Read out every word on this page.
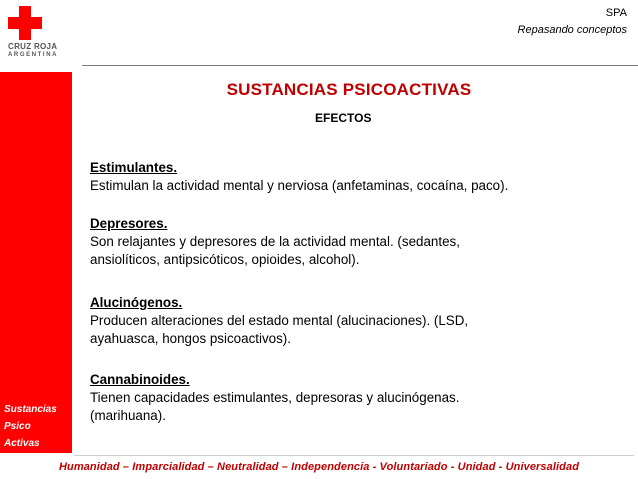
CRUZ ROJA
ARGENTINA
SPA
Repasando conceptos
Sustancias
Psico
Activas
SUSTANCIAS PSICOACTIVAS
EFECTOS
Estimulantes.
Estimulan la actividad mental y nerviosa (anfetaminas, cocaína, paco).
Depresores.
Son relajantes y depresores de la actividad mental. (sedantes,
ansiolíticos, antipsicóticos, opioides, alcohol).
Alucinógenos.
Producen alteraciones del estado mental (alucinaciones). (LSD,
ayahuasca, hongos psicoactivos).
Cannabinoides.
Tienen capacidades estimulantes, depresoras y alucinógenas.
(marihuana).
Humanidad – Imparcialidad – Neutralidad – Independencia - Voluntariado - Unidad - Universalidad
